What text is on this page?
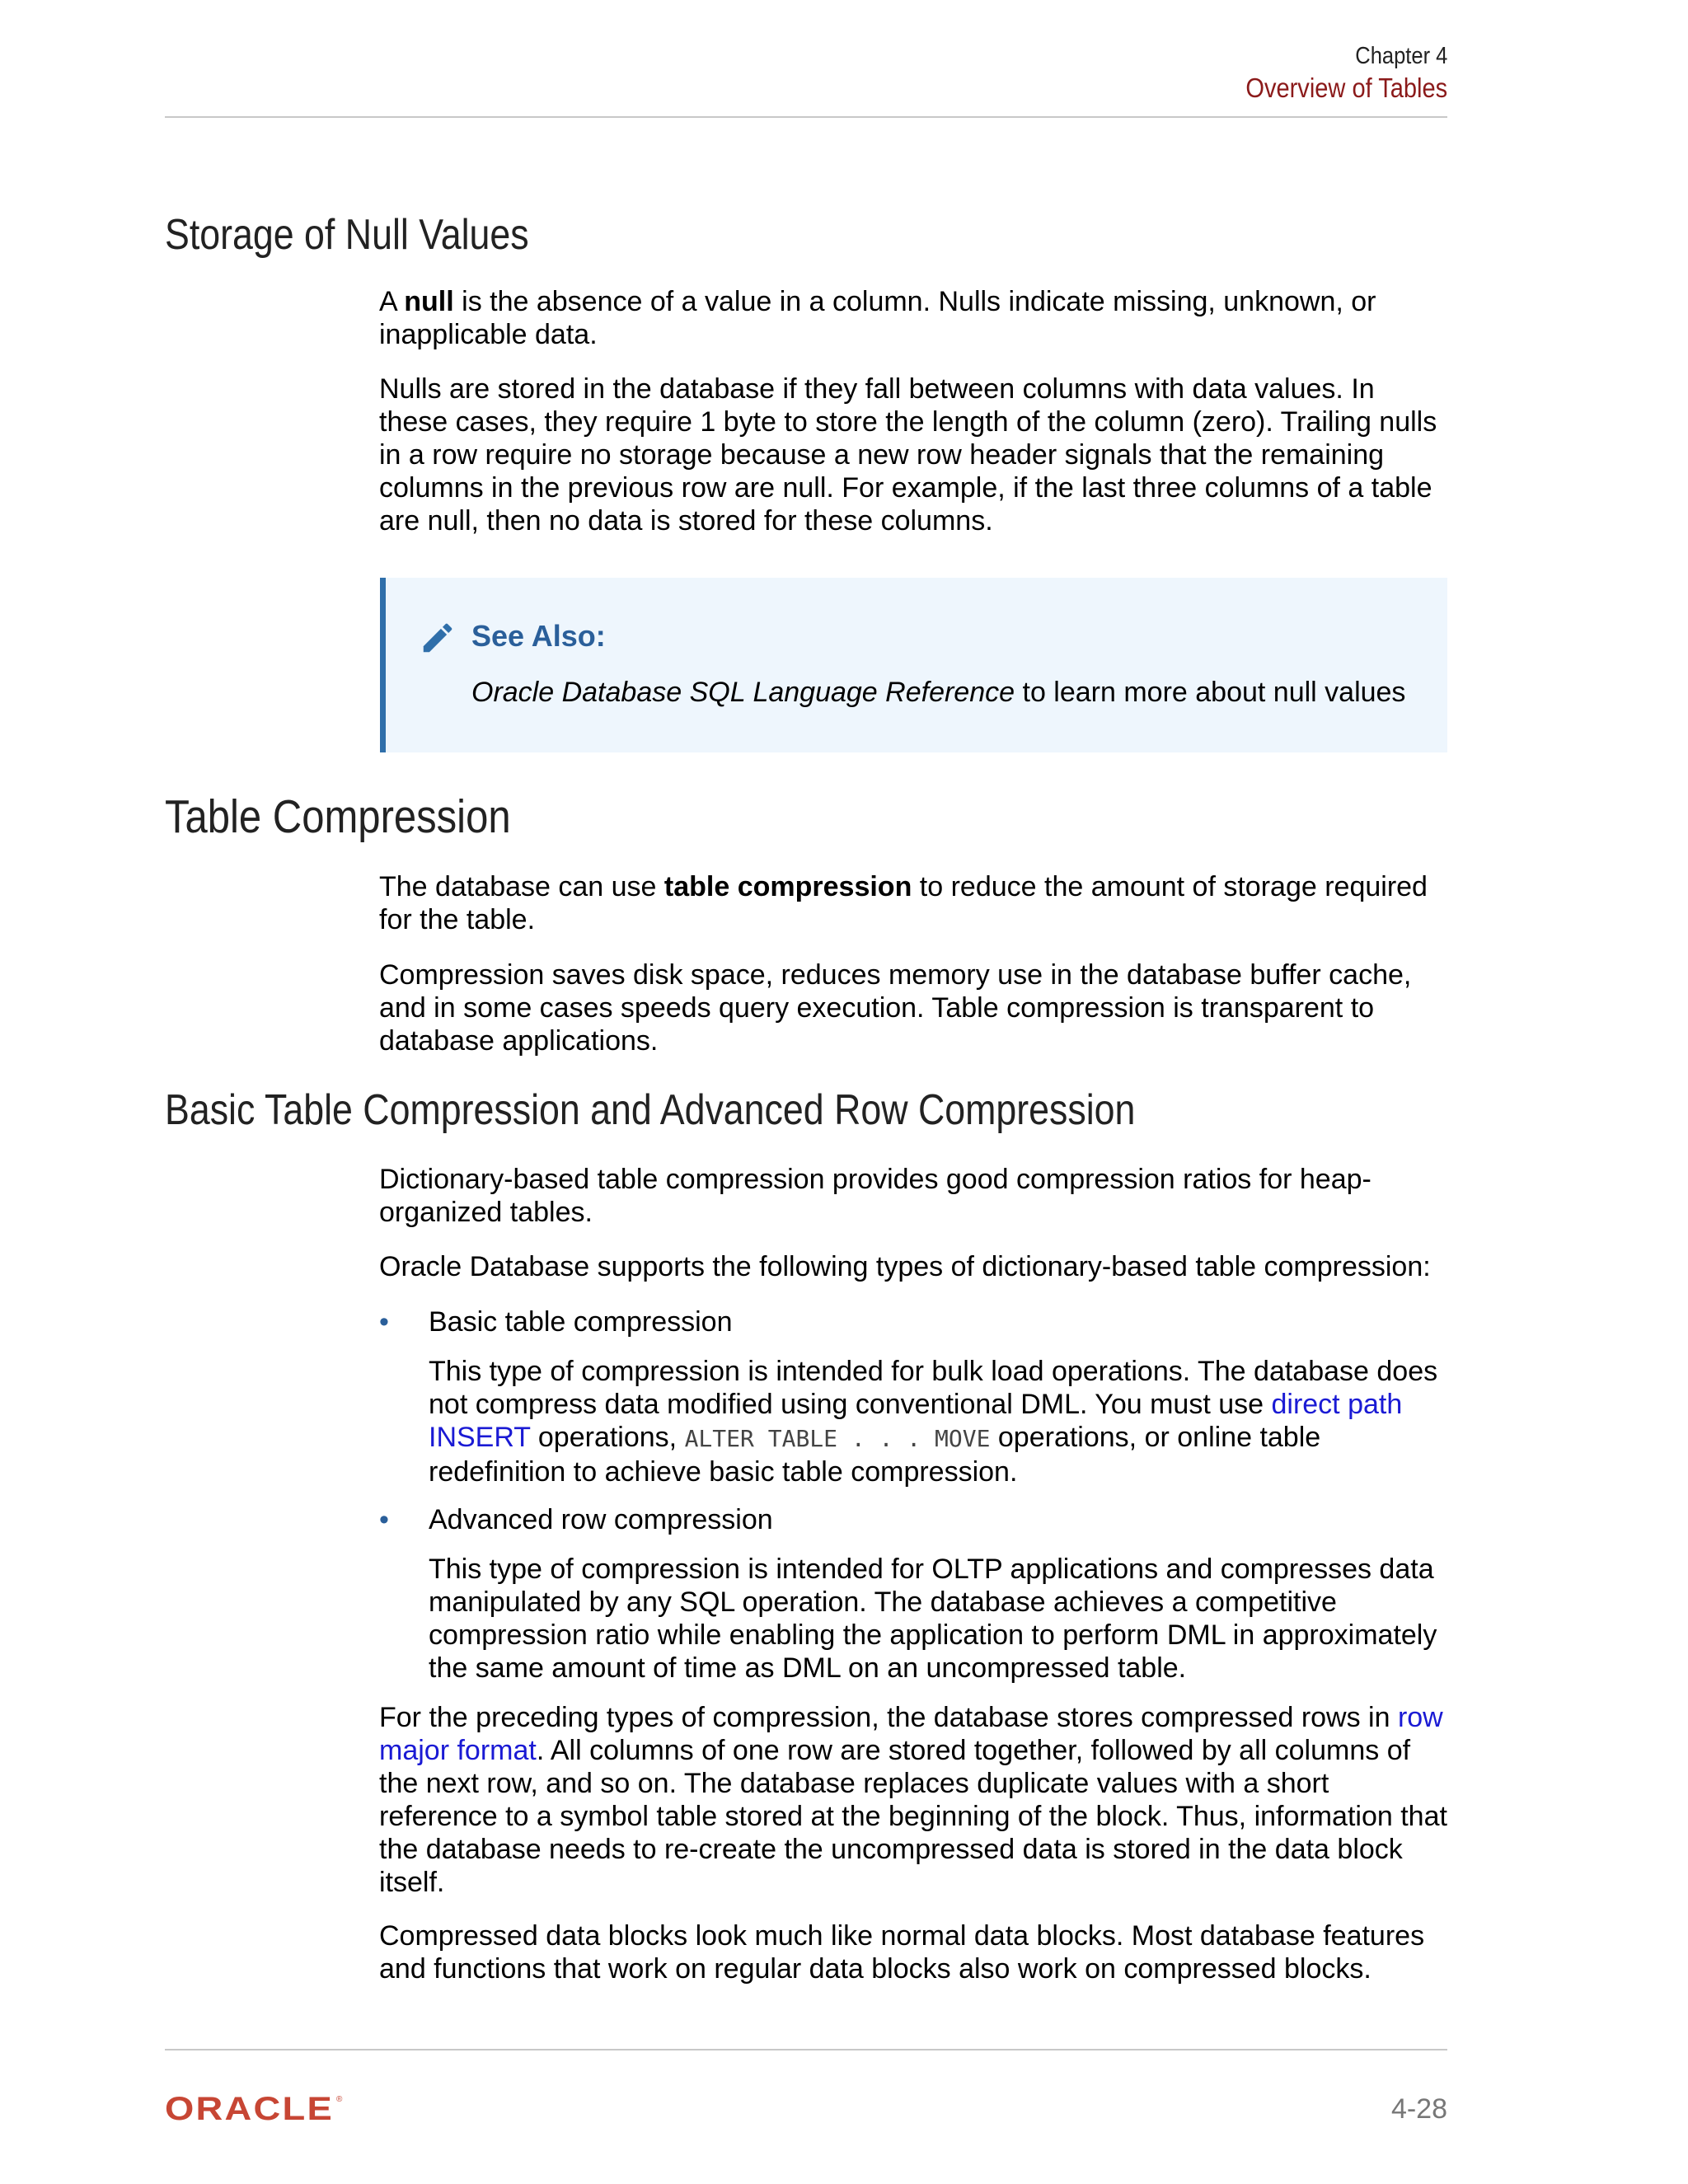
Chapter 4
Overview of Tables
Storage of Null Values

A null is the absence of a value in a column. Nulls indicate missing, unknown, or inapplicable data.

Nulls are stored in the database if they fall between columns with data values. In these cases, they require 1 byte to store the length of the column (zero). Trailing nulls in a row require no storage because a new row header signals that the remaining columns in the previous row are null. For example, if the last three columns of a table are null, then no data is stored for these columns.

See Also:
Oracle Database SQL Language Reference to learn more about null values
Table Compression

The database can use table compression to reduce the amount of storage required for the table.

Compression saves disk space, reduces memory use in the database buffer cache, and in some cases speeds query execution. Table compression is transparent to database applications.

Basic Table Compression and Advanced Row Compression

Dictionary-based table compression provides good compression ratios for heap-organized tables.

Oracle Database supports the following types of dictionary-based table compression:

• Basic table compression

This type of compression is intended for bulk load operations. The database does not compress data modified using conventional DML. You must use direct path INSERT operations, ALTER TABLE . . . MOVE operations, or online table redefinition to achieve basic table compression.

• Advanced row compression

This type of compression is intended for OLTP applications and compresses data manipulated by any SQL operation. The database achieves a competitive compression ratio while enabling the application to perform DML in approximately the same amount of time as DML on an uncompressed table.

For the preceding types of compression, the database stores compressed rows in row major format. All columns of one row are stored together, followed by all columns of the next row, and so on. The database replaces duplicate values with a short reference to a symbol table stored at the beginning of the block. Thus, information that the database needs to re-create the uncompressed data is stored in the data block itself.

Compressed data blocks look much like normal data blocks. Most database features and functions that work on regular data blocks also work on compressed blocks.

ORACLE ®	4-28
